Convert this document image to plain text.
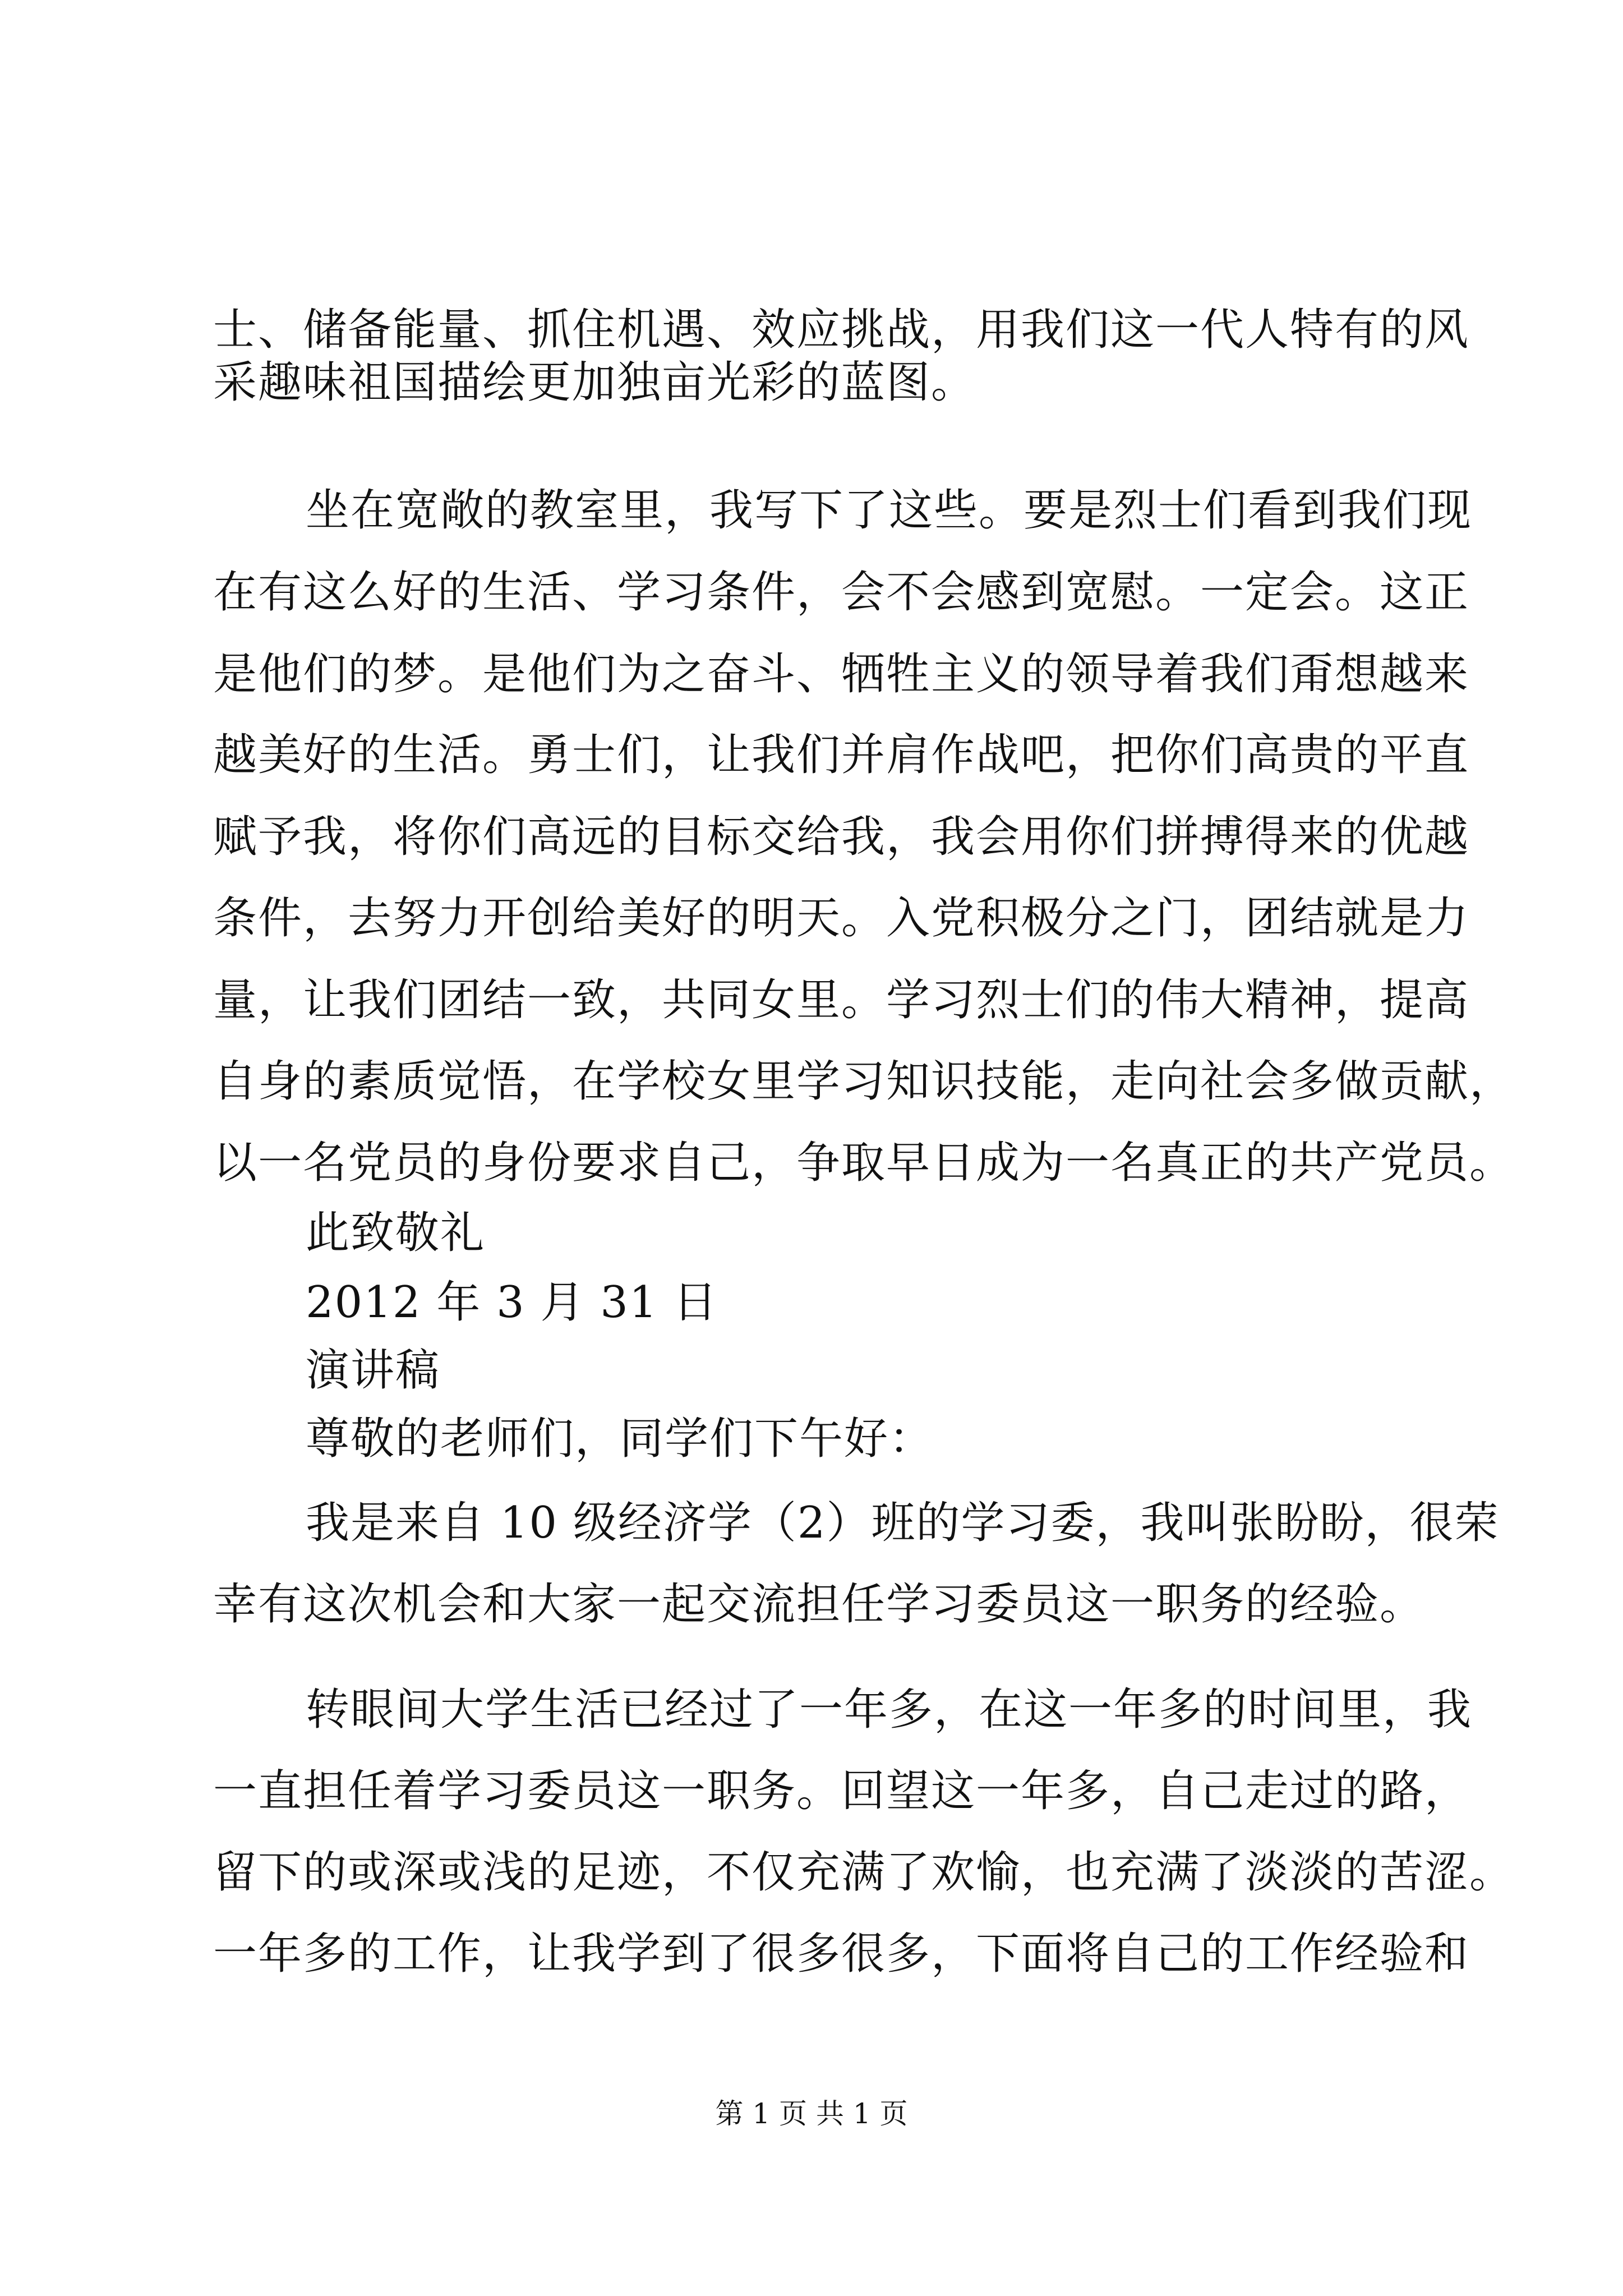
士、储备能量、抓住机遇、效应挑战，用我们这一代人特有的风
采趣味祖国描绘更加独亩光彩的蓝图。
坐在宽敞的教室里，我写下了这些。要是烈士们看到我们现
在有这么好的生活、学习条件，会不会感到宽慰。一定会。这正
是他们的梦。是他们为之奋斗、牺牲主义的领导着我们甭想越来
越美好的生活。勇士们，让我们并肩作战吧，把你们高贵的平直
赋予我，将你们高远的目标交给我，我会用你们拼搏得来的优越
条件，去努力开创给美好的明天。入党积极分之门，团结就是力
量，让我们团结一致，共同女里。学习烈士们的伟大精神，提高
自身的素质觉悟，在学校女里学习知识技能，走向社会多做贡献，
以一名党员的身份要求自己，争取早日成为一名真正的共产党员。
此致敬礼
2012 年 3 月 31 日
演讲稿
尊敬的老师们，同学们下午好：
我是来自 10 级经济学（2）班的学习委，我叫张盼盼，很荣
幸有这次机会和大家一起交流担任学习委员这一职务的经验。
转眼间大学生活已经过了一年多，在这一年多的时间里，我
一直担任着学习委员这一职务。回望这一年多，自己走过的路，
留下的或深或浅的足迹，不仅充满了欢愉，也充满了淡淡的苦涩。
一年多的工作，让我学到了很多很多，下面将自己的工作经验和
第 1 页 共 1 页
